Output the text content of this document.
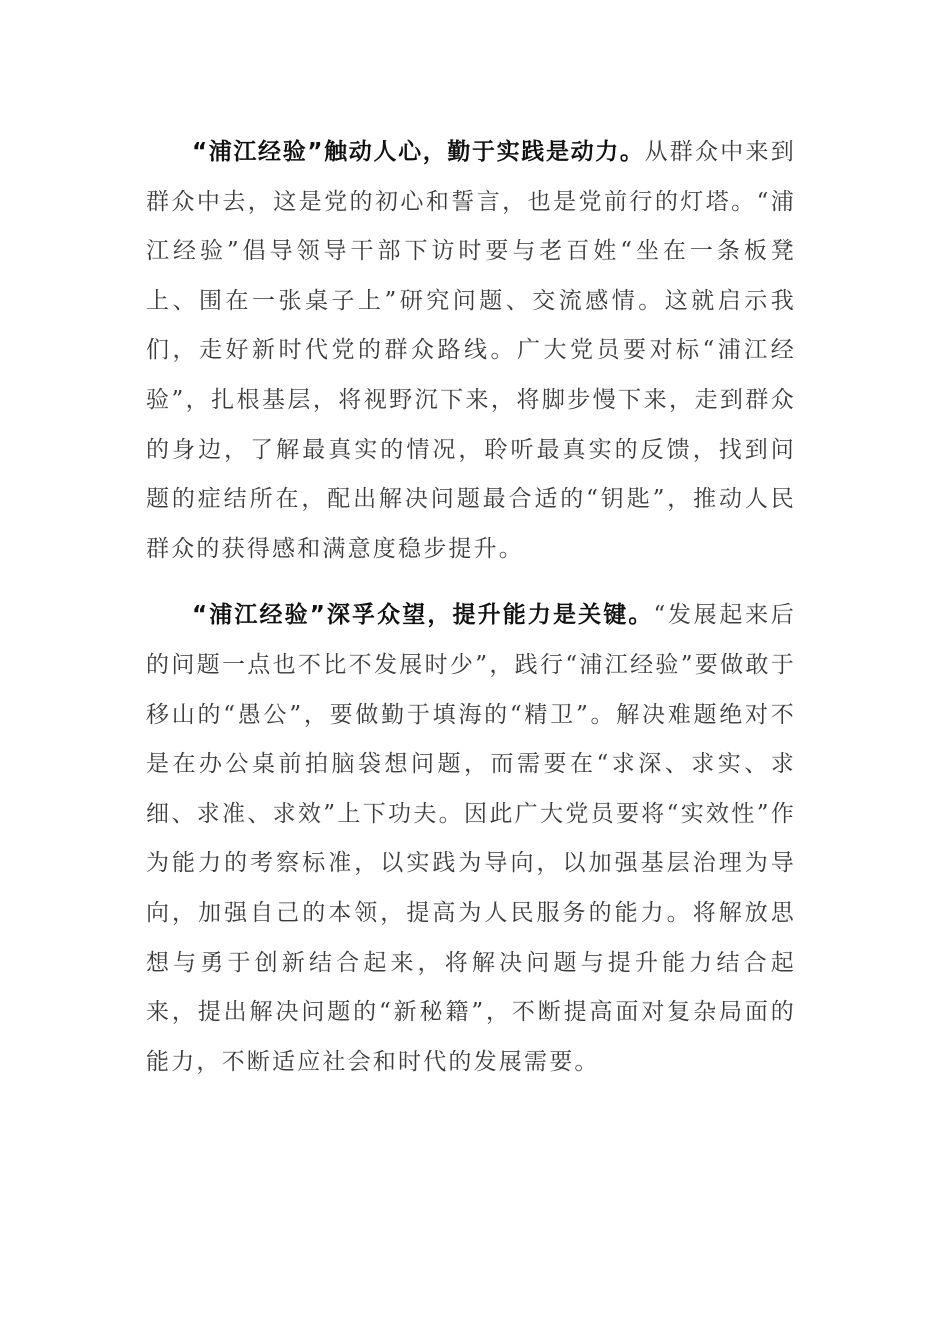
“浦江经验”触动人心，勤于实践是动力。从群众中来到群众中去，这是党的初心和誓言，也是党前行的灯塔。“浦江经验”倡导领导干部下访时要与老百姓“坐在一条板凳上、围在一张桌子上”研究问题、交流感情。这就启示我们，走好新时代党的群众路线。广大党员要对标“浦江经验”，扎根基层，将视野沉下来，将脚步慢下来，走到群众的身边，了解最真实的情况，聆听最真实的反馈，找到问题的症结所在，配出解决问题最合适的“钥匙”，推动人民群众的获得感和满意度稳步提升。

“浦江经验”深孚众望，提升能力是关键。“发展起来后的问题一点也不比不发展时少”，践行“浦江经验”要做敢于移山的“愚公”，要做勤于填海的“精卫”。解决难题绝对不是在办公桌前拍脑袋想问题，而需要在“求深、求实、求细、求准、求效”上下功夫。因此广大党员要将“实效性”作为能力的考察标准，以实践为导向，以加强基层治理为导向，加强自己的本领，提高为人民服务的能力。将解放思想与勇于创新结合起来，将解决问题与提升能力结合起来，提出解决问题的“新秘籍”，不断提高面对复杂局面的能力，不断适应社会和时代的发展需要。
